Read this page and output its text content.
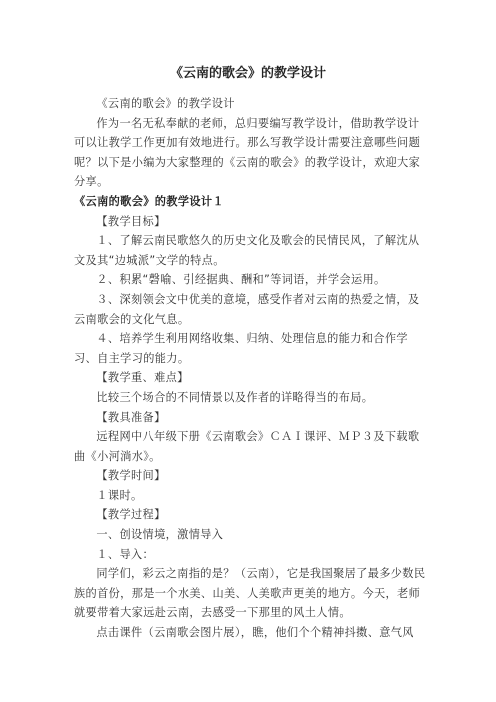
《云南的歌会》的教学设计

《云南的歌会》的教学设计

作为一名无私奉献的老师，总归要编写教学设计，借助教学设计可以让教学工作更加有效地进行。那么写教学设计需要注意哪些问题呢？以下是小编为大家整理的《云南的歌会》的教学设计，欢迎大家分享。

《云南的歌会》的教学设计１

【教学目标】

１、了解云南民歌悠久的历史文化及歌会的民情民风，了解沈从文及其“边城派”文学的特点。

２、积累“磬喻、引经据典、酬和”等词语，并学会运用。

３、深刻领会文中优美的意境，感受作者对云南的热爱之情，及云南歌会的文化气息。

４、培养学生利用网络收集、归纳、处理信息的能力和合作学习、自主学习的能力。

【教学重、难点】

比较三个场合的不同情景以及作者的详略得当的布局。

【教具准备】

远程网中八年级下册《云南歌会》ＣＡＩ课评、ＭＰ３及下载歌曲《小河淌水》。

【教学时间】

１课时。

【教学过程】

一、创设情境，激情导入

１、导入：

同学们，彩云之南指的是？（云南），它是我国聚居了最多少数民族的首份，那是一个水美、山美、人美歌声更美的地方。今天，老师就要带着大家远赴云南，去感受一下那里的风土人情。

点击课件（云南歌会图片展），瞧，他们个个精神抖擞、意气风
